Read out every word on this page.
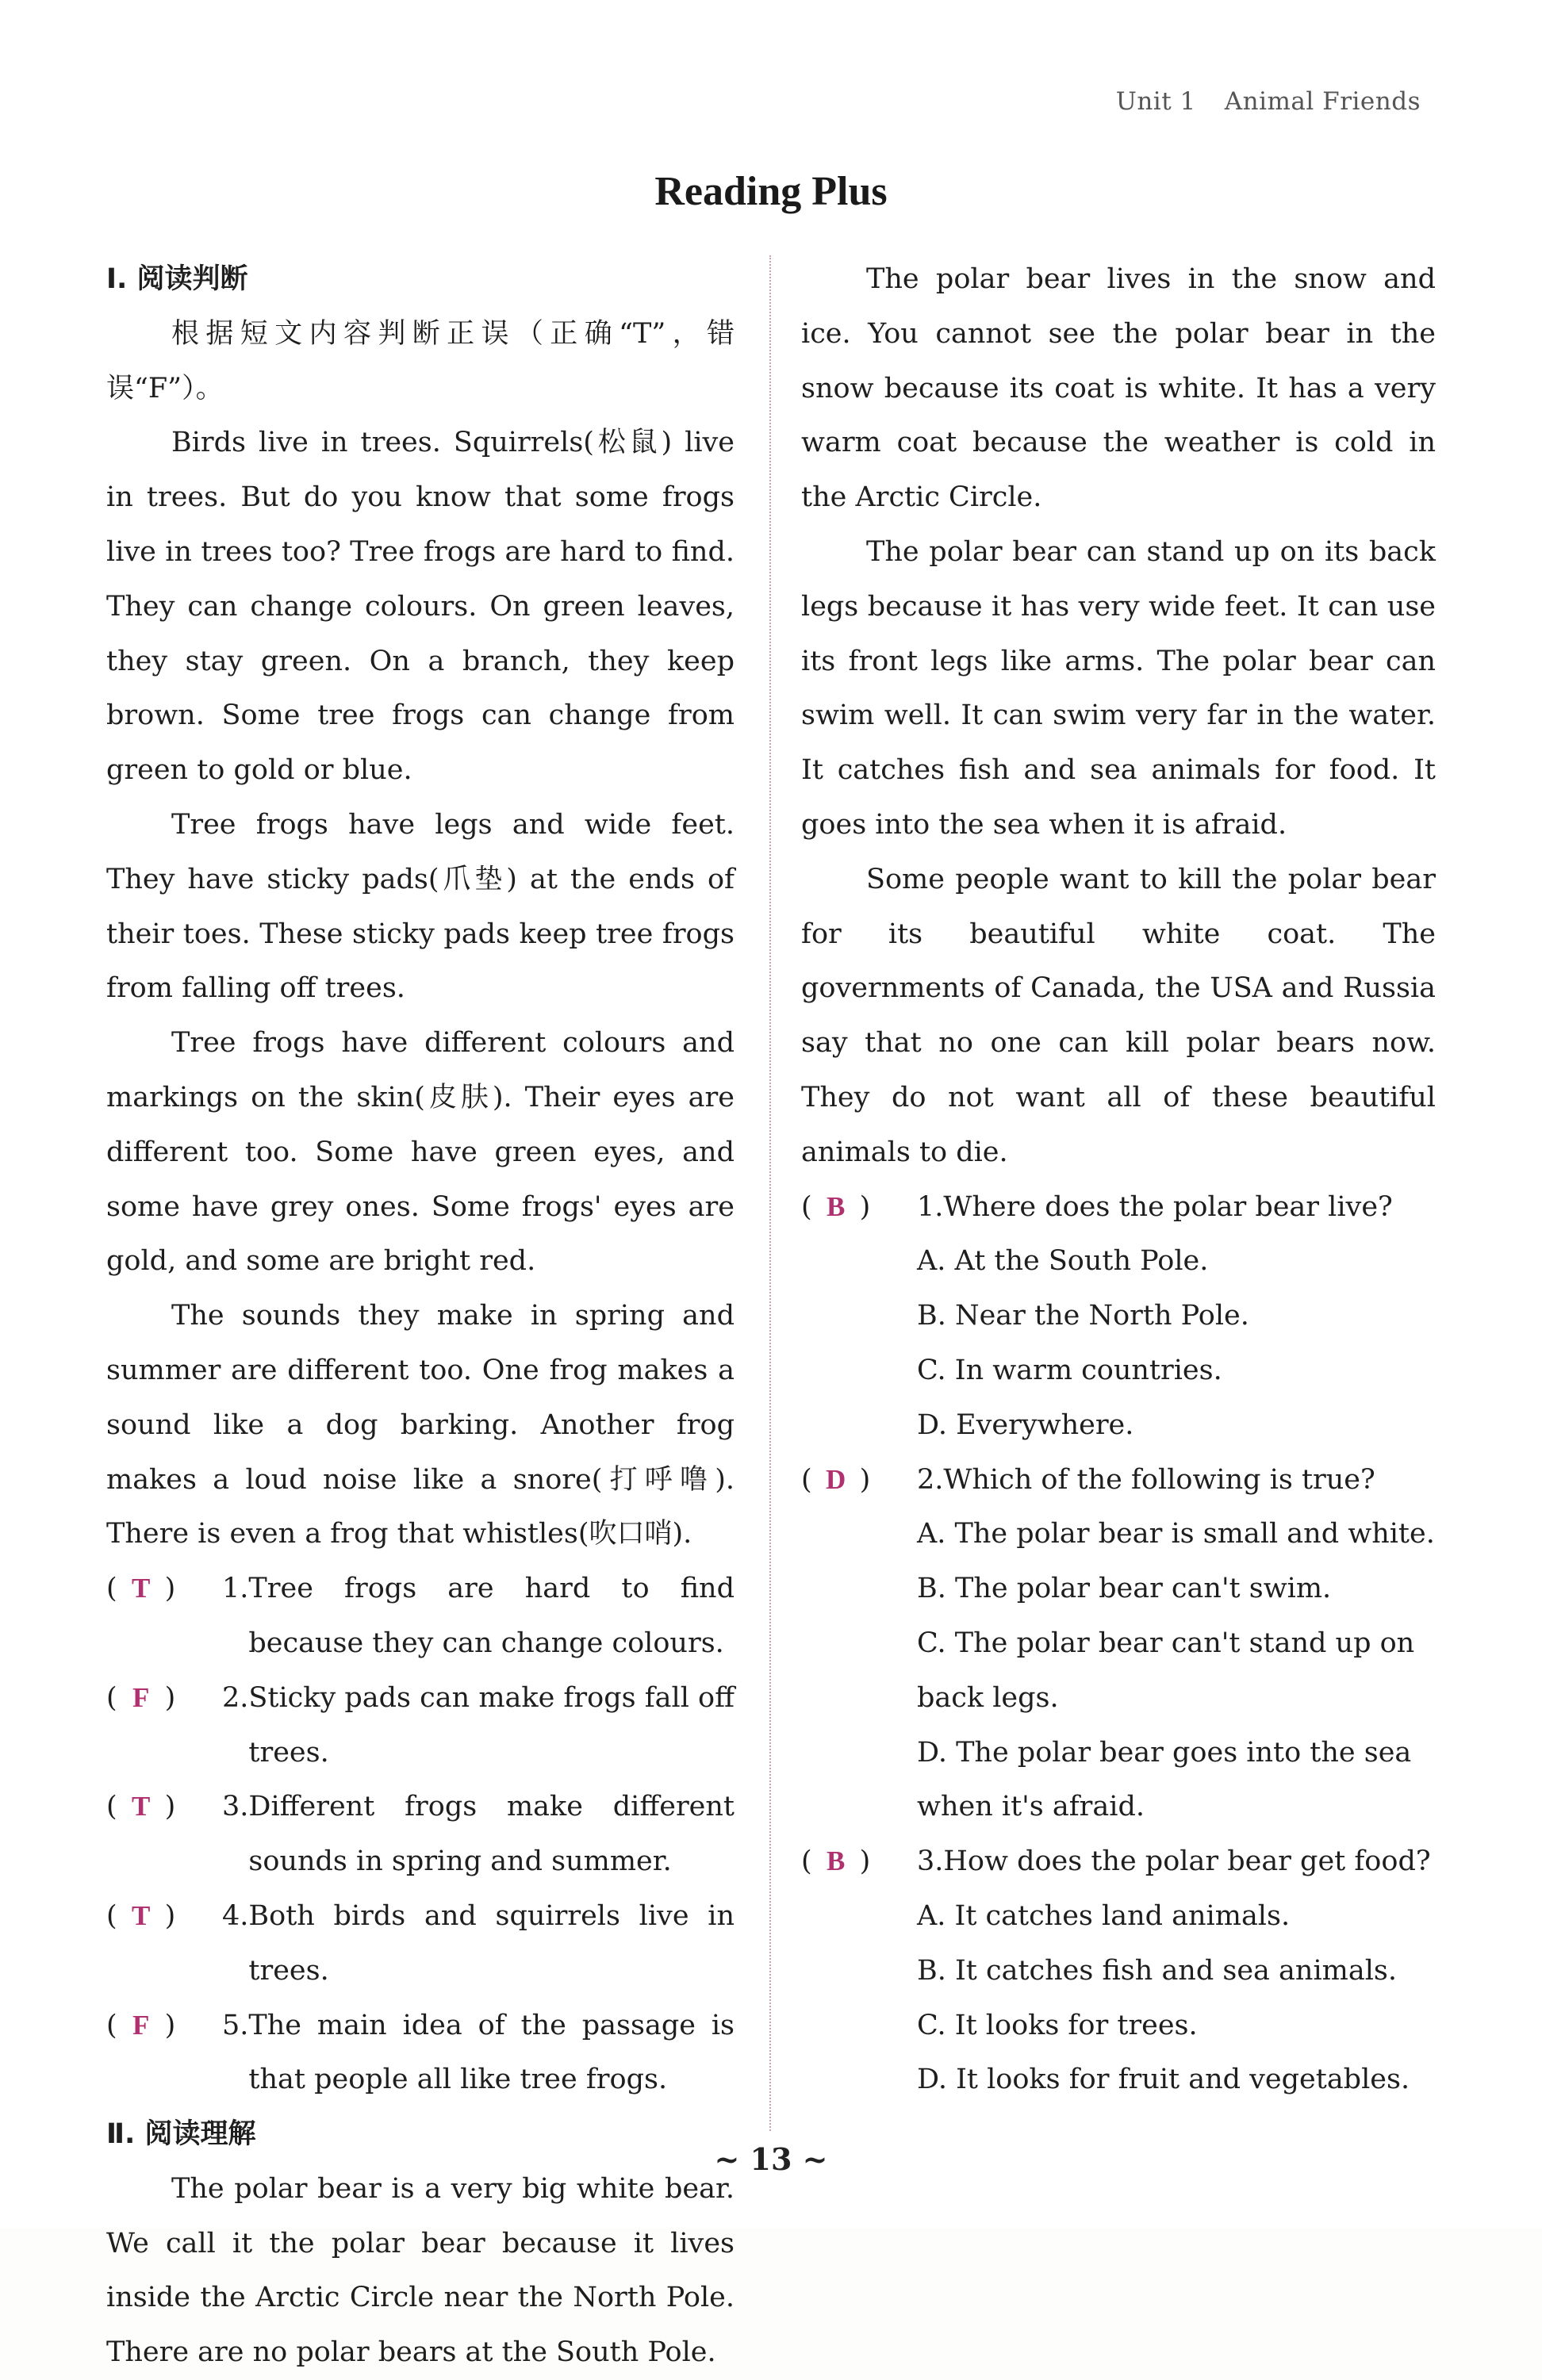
Unit 1 Animal Friends
Reading Plus
Ⅰ. 阅读判断
根据短文内容判断正误（正确“T”，错误“F”）。
Birds live in trees. Squirrels(松鼠) live in trees. But do you know that some frogs live in trees too? Tree frogs are hard to find. They can change colours. On green leaves, they stay green. On a branch, they keep brown. Some tree frogs can change from green to gold or blue.
Tree frogs have legs and wide feet. They have sticky pads(爪垫) at the ends of their toes. These sticky pads keep tree frogs from falling off trees.
Tree frogs have different colours and markings on the skin(皮肤). Their eyes are different too. Some have green eyes, and some have grey ones. Some frogs' eyes are gold, and some are bright red.
The sounds they make in spring and summer are different too. One frog makes a sound like a dog barking. Another frog makes a loud noise like a snore(打呼噜). There is even a frog that whistles(吹口哨).
( T )	1. Tree frogs are hard to find because they can change colours.
( F )	2. Sticky pads can make frogs fall off trees.
( T )	3. Different frogs make different sounds in spring and summer.
( T )	4. Both birds and squirrels live in trees.
( F )	5. The main idea of the passage is that people all like tree frogs.
Ⅱ. 阅读理解
The polar bear is a very big white bear. We call it the polar bear because it lives inside the Arctic Circle near the North Pole. There are no polar bears at the South Pole.
The polar bear lives in the snow and ice. You cannot see the polar bear in the snow because its coat is white. It has a very warm coat because the weather is cold in the Arctic Circle.
The polar bear can stand up on its back legs because it has very wide feet. It can use its front legs like arms. The polar bear can swim well. It can swim very far in the water. It catches fish and sea animals for food. It goes into the sea when it is afraid.
Some people want to kill the polar bear for its beautiful white coat. The governments of Canada, the USA and Russia say that no one can kill polar bears now. They do not want all of these beautiful animals to die.
( B )	1. Where does the polar bear live?
A. At the South Pole.
B. Near the North Pole.
C. In warm countries.
D. Everywhere.
( D )	2. Which of the following is true?
A. The polar bear is small and white.
B. The polar bear can't swim.
C. The polar bear can't stand up on back legs.
D. The polar bear goes into the sea when it's afraid.
( B )	3. How does the polar bear get food?
A. It catches land animals.
B. It catches fish and sea animals.
C. It looks for trees.
D. It looks for fruit and vegetables.
~ 13 ~
